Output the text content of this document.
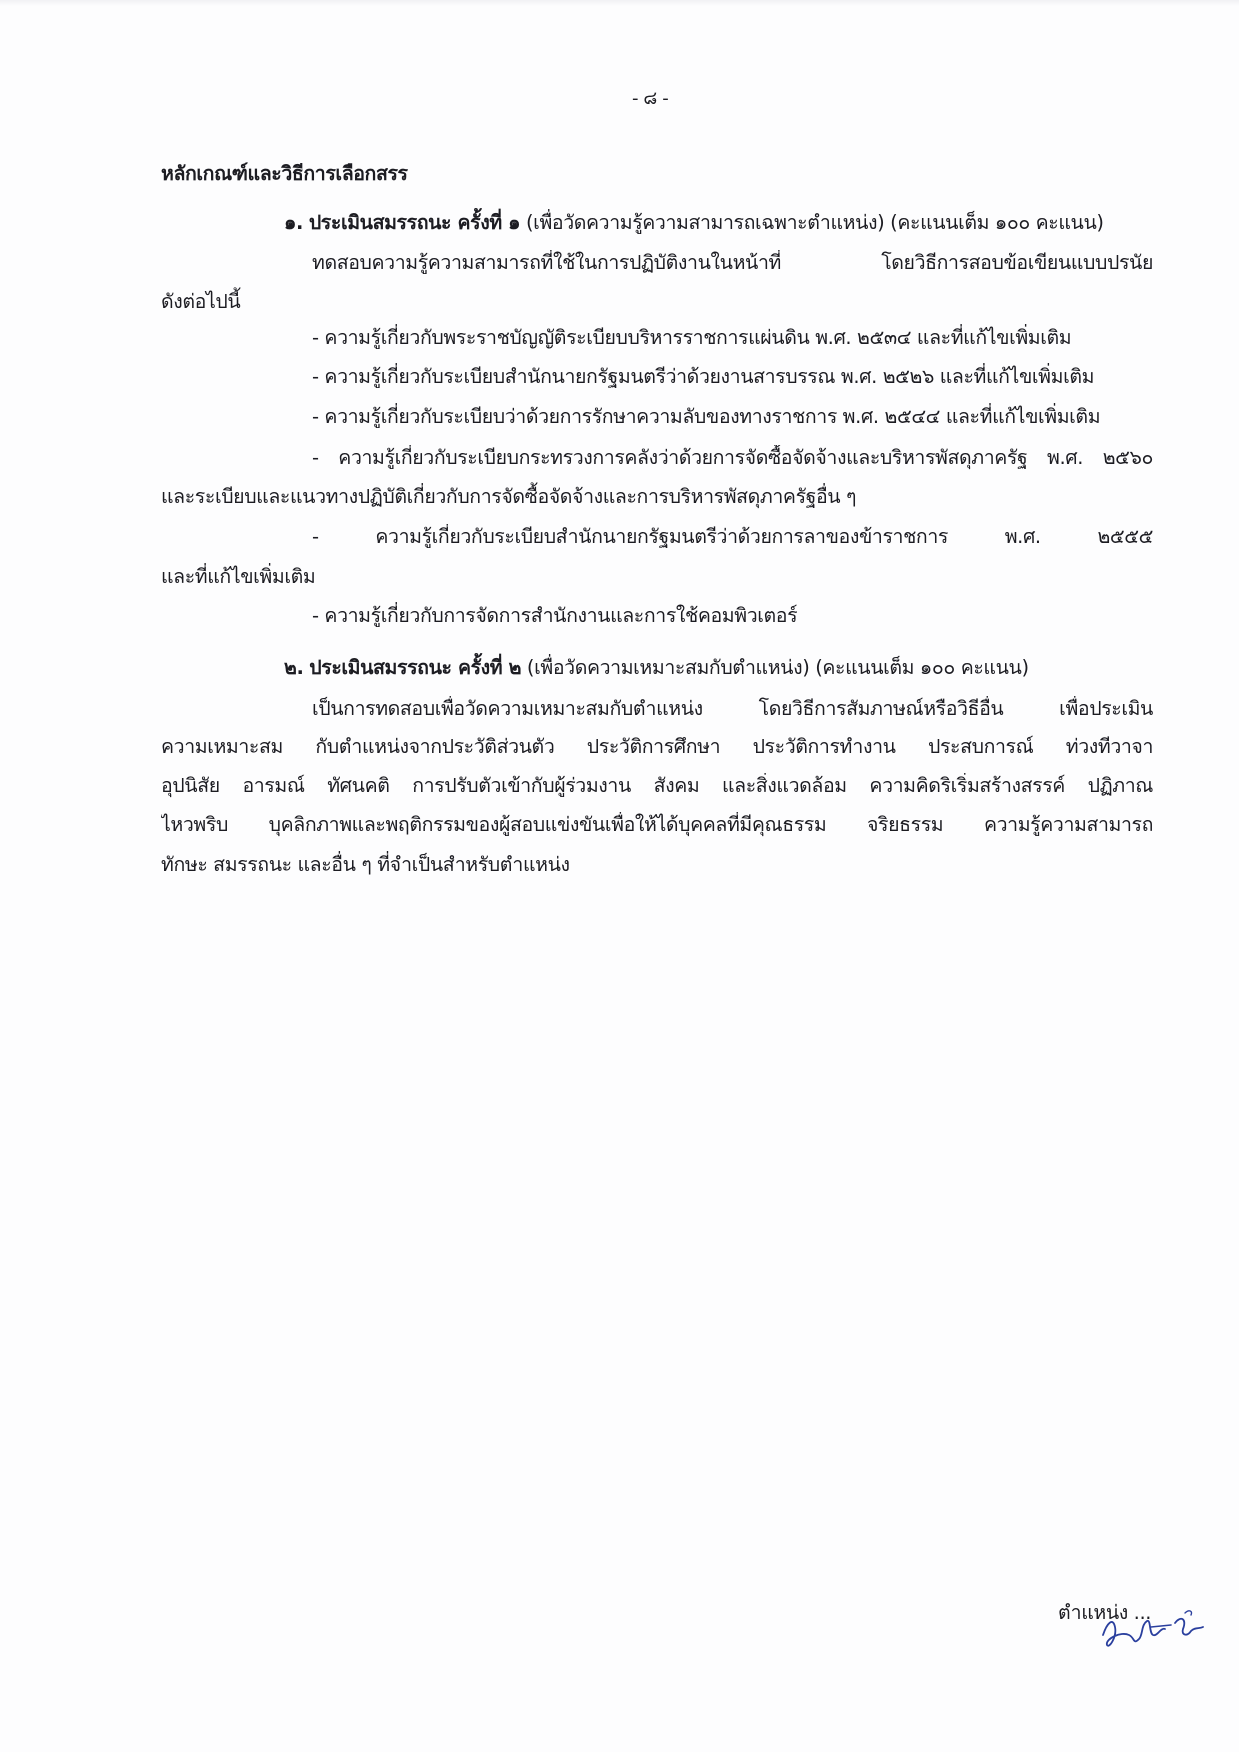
- ๘ -
หลักเกณฑ์และวิธีการเลือกสรร
๑. ประเมินสมรรถนะ ครั้งที่ ๑ (เพื่อวัดความรู้ความสามารถเฉพาะตำแหน่ง) (คะแนนเต็ม ๑๐๐ คะแนน)
ทดสอบความรู้ความสามารถที่ใช้ในการปฏิบัติงานในหน้าที่ โดยวิธีการสอบข้อเขียนแบบปรนัย
ดังต่อไปนี้
- ความรู้เกี่ยวกับพระราชบัญญัติระเบียบบริหารราชการแผ่นดิน พ.ศ. ๒๕๓๔ และที่แก้ไขเพิ่มเติม
- ความรู้เกี่ยวกับระเบียบสำนักนายกรัฐมนตรีว่าด้วยงานสารบรรณ พ.ศ. ๒๕๒๖ และที่แก้ไขเพิ่มเติม
- ความรู้เกี่ยวกับระเบียบว่าด้วยการรักษาความลับของทางราชการ พ.ศ. ๒๕๔๔ และที่แก้ไขเพิ่มเติม
- ความรู้เกี่ยวกับระเบียบกระทรวงการคลังว่าด้วยการจัดซื้อจัดจ้างและบริหารพัสดุภาครัฐ พ.ศ. ๒๕๖๐
และระเบียบและแนวทางปฏิบัติเกี่ยวกับการจัดซื้อจัดจ้างและการบริหารพัสดุภาครัฐอื่น ๆ
- ความรู้เกี่ยวกับระเบียบสำนักนายกรัฐมนตรีว่าด้วยการลาของข้าราชการ พ.ศ. ๒๕๕๕
และที่แก้ไขเพิ่มเติม
- ความรู้เกี่ยวกับการจัดการสำนักงานและการใช้คอมพิวเตอร์
๒. ประเมินสมรรถนะ ครั้งที่ ๒ (เพื่อวัดความเหมาะสมกับตำแหน่ง) (คะแนนเต็ม ๑๐๐ คะแนน)
เป็นการทดสอบเพื่อวัดความเหมาะสมกับตำแหน่ง โดยวิธีการสัมภาษณ์หรือวิธีอื่น เพื่อประเมิน
ความเหมาะสม กับตำแหน่งจากประวัติส่วนตัว ประวัติการศึกษา ประวัติการทำงาน ประสบการณ์ ท่วงทีวาจา
อุปนิสัย อารมณ์ ทัศนคติ การปรับตัวเข้ากับผู้ร่วมงาน สังคม และสิ่งแวดล้อม ความคิดริเริ่มสร้างสรรค์ ปฏิภาณ
ไหวพริบ บุคลิกภาพและพฤติกรรมของผู้สอบแข่งขันเพื่อให้ได้บุคคลที่มีคุณธรรม จริยธรรม ความรู้ความสามารถ
ทักษะ สมรรถนะ และอื่น ๆ ที่จำเป็นสำหรับตำแหน่ง
ตำแหน่ง ...
